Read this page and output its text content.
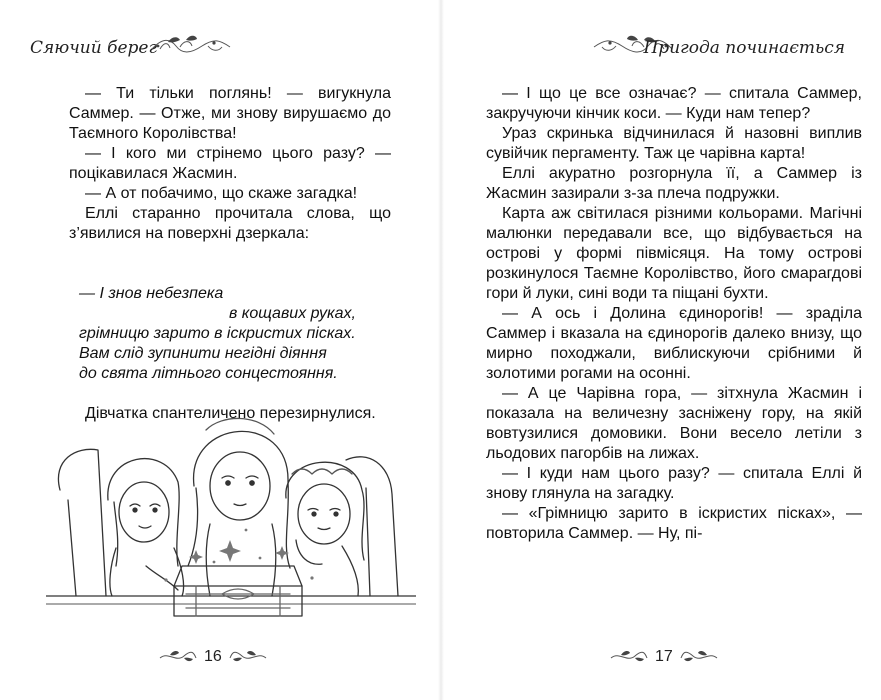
Сяючий берег

— Ти тільки поглянь! — вигукнула Саммер. — Отже, ми знову вирушаємо до Таємного Королівства!

— І кого ми стрінемо цього разу? — поцікавилася Жасмин.

— А от побачимо, що скаже загадка!

Еллі старанно прочитала слова, що з’явилися на поверхні дзеркала:

— І знов небезпека
в кощавих руках,
грімницю зарито в іскристих пісках.
Вам слід зупинити негідні діяння
до свята літнього сонцестояння.

Дівчатка спантеличено перезирнулися.

16
Пригода починається

— І що це все означає? — спитала Саммер, закручуючи кінчик коси. — Куди нам тепер?

Ураз скринька відчинилася й назовні виплив сувійчик пергаменту. Таж це чарівна карта!

Еллі акуратно розгорнула її, а Саммер із Жасмин зазирали з-за плеча подружки.

Карта аж світилася різними кольорами. Магічні малюнки передавали все, що відбувається на острові у формі півмісяця. На тому острові розкинулося Таємне Королівство, його смарагдові гори й луки, сині води та піщані бухти.

— А ось і Долина єдинорогів! — зраділа Саммер і вказала на єдинорогів далеко внизу, що мирно походжали, виблискуючи срібними й золотими рогами на осонні.

— А це Чарівна гора, — зітхнула Жасмин і показала на величезну засніжену гору, на якій вовтузилися домовики. Вони весело летіли з льодових пагорбів на лижах.

— І куди нам цього разу? — спитала Еллі й знову глянула на загадку.

— «Грімницю зарито в іскристих пісках», — повторила Саммер. — Ну, пі-

17
